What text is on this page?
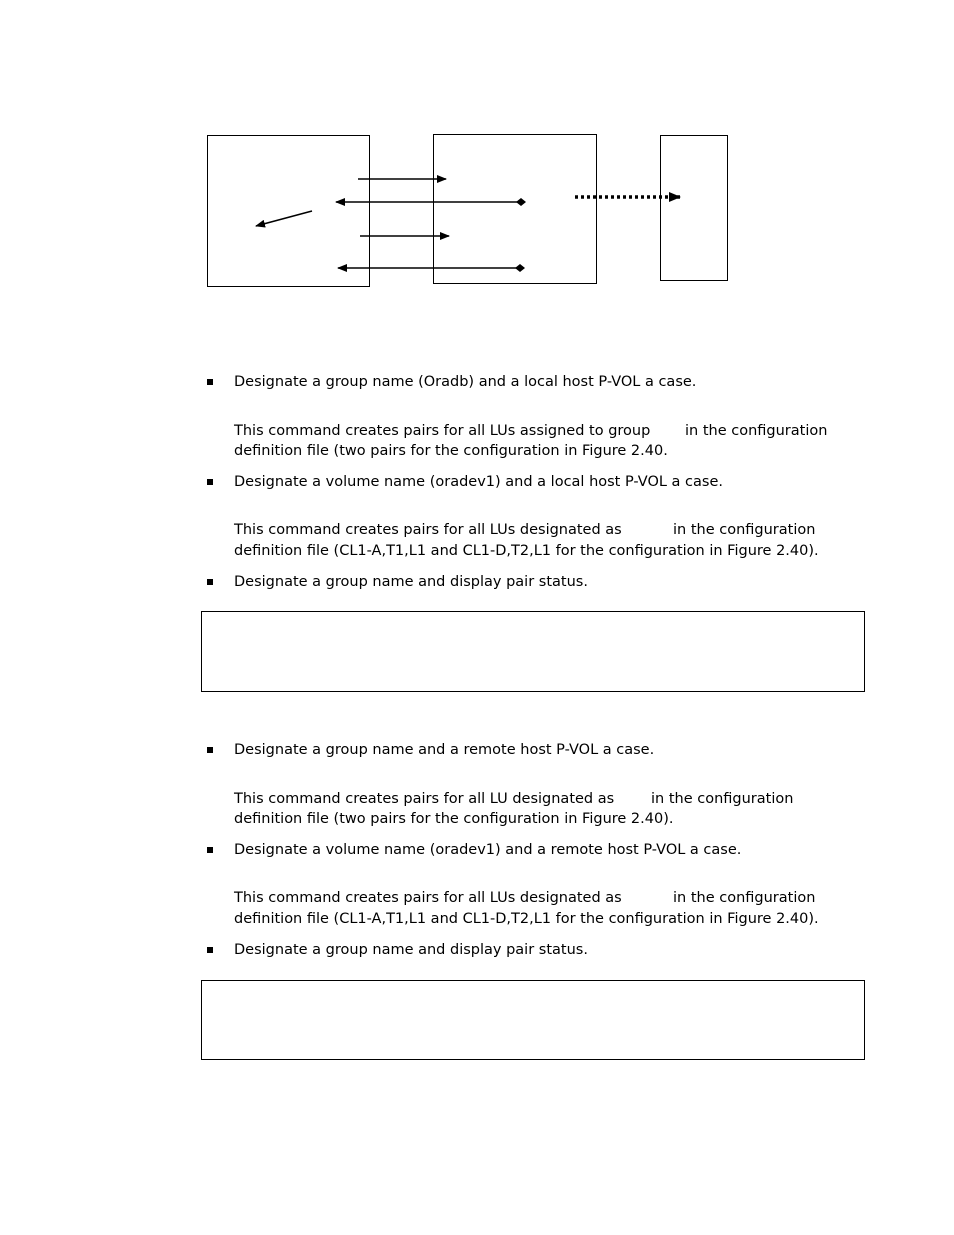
Designate a group name (Oradb) and a local host P-VOL a case.
This command creates pairs for all LUs assigned to group in the configuration
definition file (two pairs for the configuration in Figure 2.40.
Designate a volume name (oradev1) and a local host P-VOL a case.
This command creates pairs for all LUs designated as	in the configuration
definition file (CL1-A,T1,L1 and CL1-D,T2,L1 for the configuration in Figure 2.40).
Designate a group name and display pair status.
Designate a group name and a remote host P-VOL a case.
This command creates pairs for all LU designated as	in the configuration
definition file (two pairs for the configuration in Figure 2.40).
Designate a volume name (oradev1) and a remote host P-VOL a case.
This command creates pairs for all LUs designated as	in the configuration
definition file (CL1-A,T1,L1 and CL1-D,T2,L1 for the configuration in Figure 2.40).
Designate a group name and display pair status.
